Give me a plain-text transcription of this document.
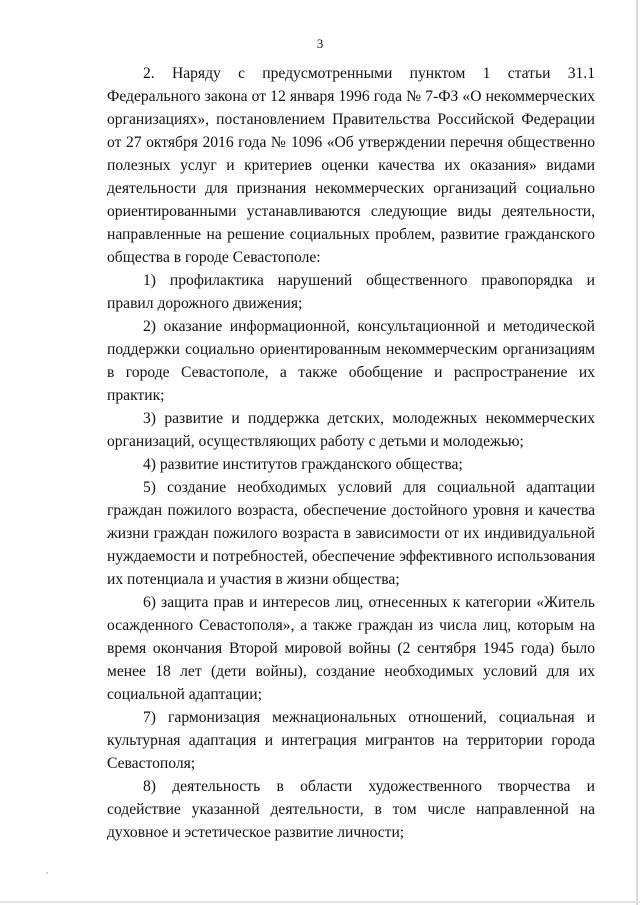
3

2. Наряду с предусмотренными пунктом 1 статьи 31.1 Федерального закона от 12 января 1996 года № 7-ФЗ «О некоммерческих организациях», постановлением Правительства Российской Федерации от 27 октября 2016 года № 1096 «Об утверждении перечня общественно полезных услуг и критериев оценки качества их оказания» видами деятельности для признания некоммерческих организаций социально ориентированными устанавливаются следующие виды деятельности, направленные на решение социальных проблем, развитие гражданского общества в городе Севастополе:

1) профилактика нарушений общественного правопорядка и правил дорожного движения;

2) оказание информационной, консультационной и методической поддержки социально ориентированным некоммерческим организациям в городе Севастополе, а также обобщение и распространение их практик;

3) развитие и поддержка детских, молодежных некоммерческих организаций, осуществляющих работу с детьми и молодежью;

4) развитие институтов гражданского общества;

5) создание необходимых условий для социальной адаптации граждан пожилого возраста, обеспечение достойного уровня и качества жизни граждан пожилого возраста в зависимости от их индивидуальной нуждаемости и потребностей, обеспечение эффективного использования их потенциала и участия в жизни общества;

6) защита прав и интересов лиц, отнесенных к категории «Житель осажденного Севастополя», а также граждан из числа лиц, которым на время окончания Второй мировой войны (2 сентября 1945 года) было менее 18 лет (дети войны), создание необходимых условий для их социальной адаптации;

7) гармонизация межнациональных отношений, социальная и культурная адаптация и интеграция мигрантов на территории города Севастополя;

8) деятельность в области художественного творчества и содействие указанной деятельности, в том числе направленной на духовное и эстетическое развитие личности;
